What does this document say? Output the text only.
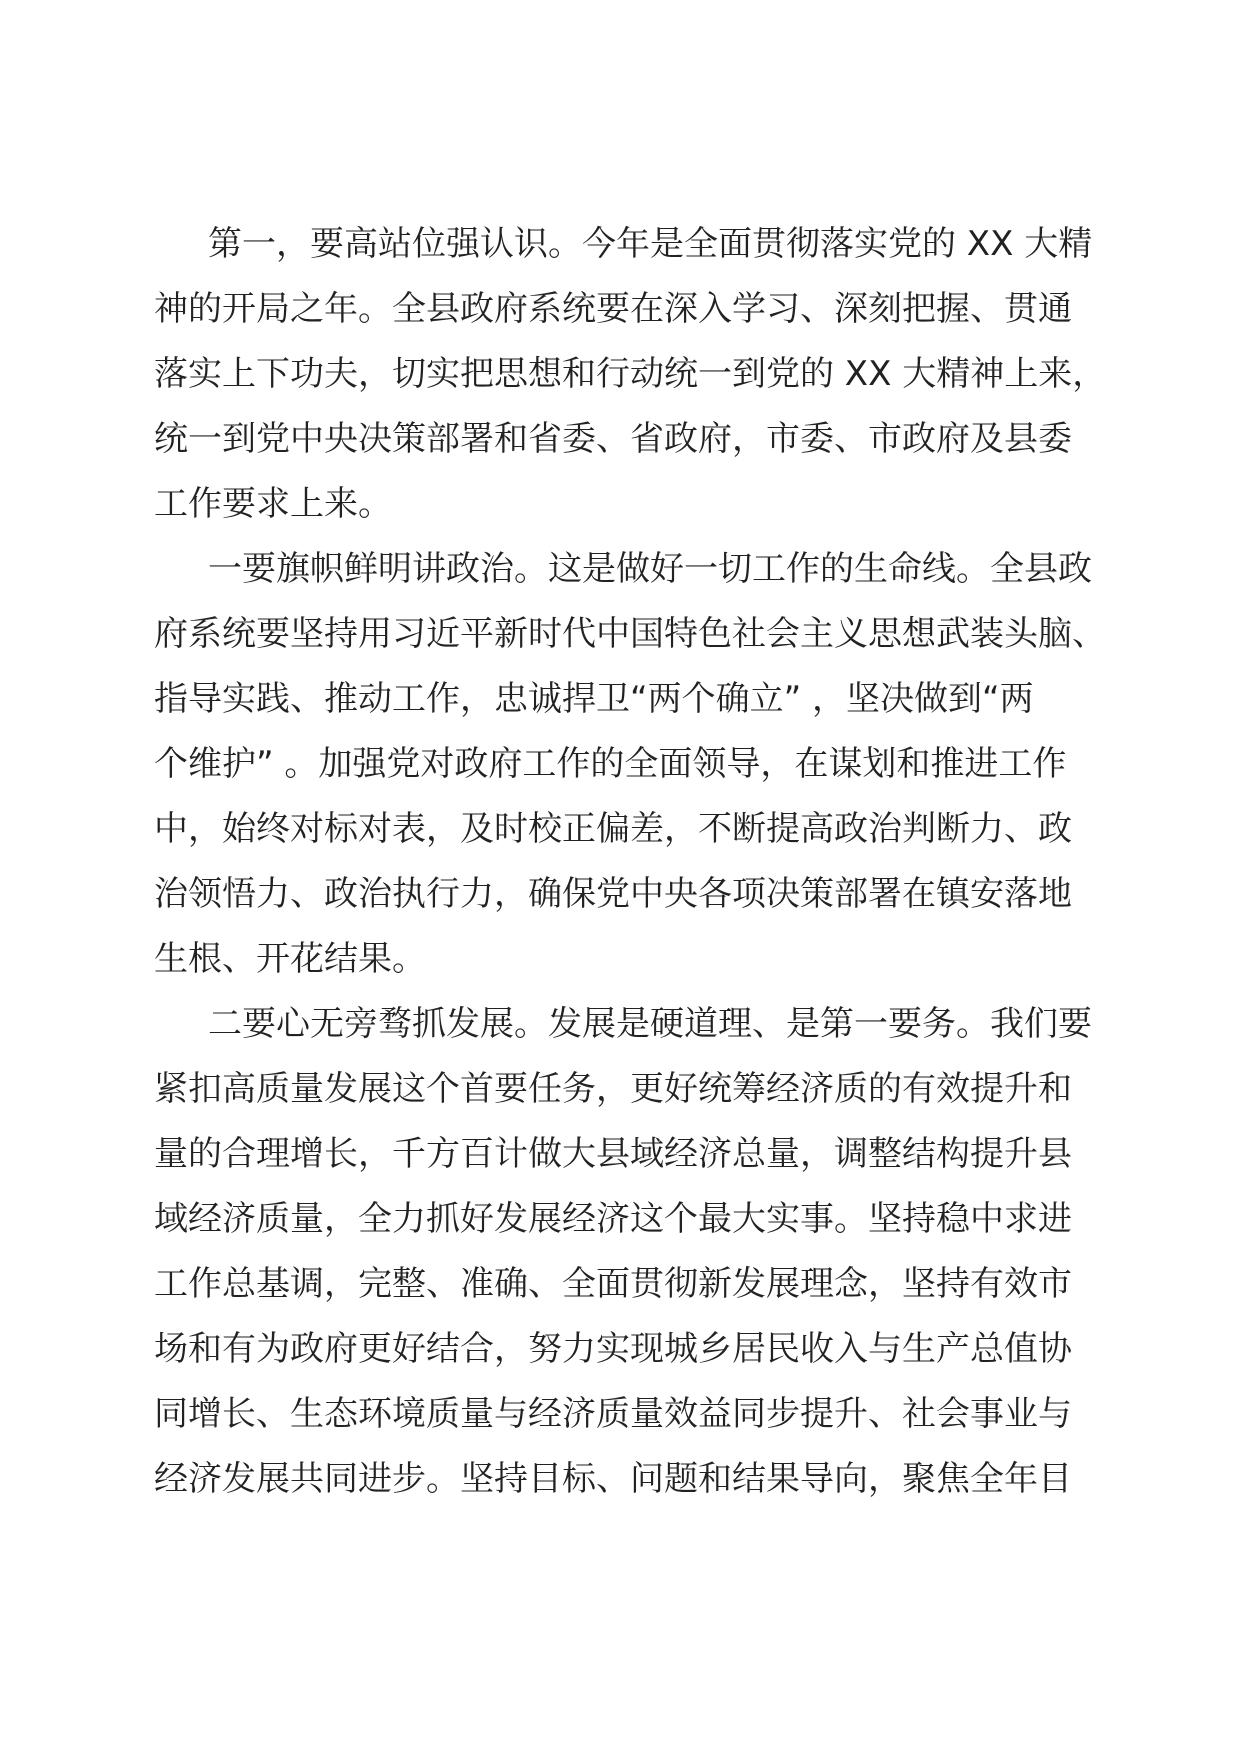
第一，要高站位强认识。今年是全面贯彻落实党的 XX 大精
神的开局之年。全县政府系统要在深入学习、深刻把握、贯通
落实上下功夫，切实把思想和行动统一到党的 XX 大精神上来，
统一到党中央决策部署和省委、省政府，市委、市政府及县委
工作要求上来。
一要旗帜鲜明讲政治。这是做好一切工作的生命线。全县政
府系统要坚持用习近平新时代中国特色社会主义思想武装头脑、
指导实践、推动工作，忠诚捍卫“两个确立” ，坚决做到“两
个维护” 。加强党对政府工作的全面领导，在谋划和推进工作
中，始终对标对表，及时校正偏差，不断提高政治判断力、政
治领悟力、政治执行力，确保党中央各项决策部署在镇安落地
生根、开花结果。
二要心无旁骛抓发展。发展是硬道理、是第一要务。我们要
紧扣高质量发展这个首要任务，更好统筹经济质的有效提升和
量的合理增长，千方百计做大县域经济总量，调整结构提升县
域经济质量，全力抓好发展经济这个最大实事。坚持稳中求进
工作总基调，完整、准确、全面贯彻新发展理念，坚持有效市
场和有为政府更好结合，努力实现城乡居民收入与生产总值协
同增长、生态环境质量与经济质量效益同步提升、社会事业与
经济发展共同进步。坚持目标、问题和结果导向，聚焦全年目
